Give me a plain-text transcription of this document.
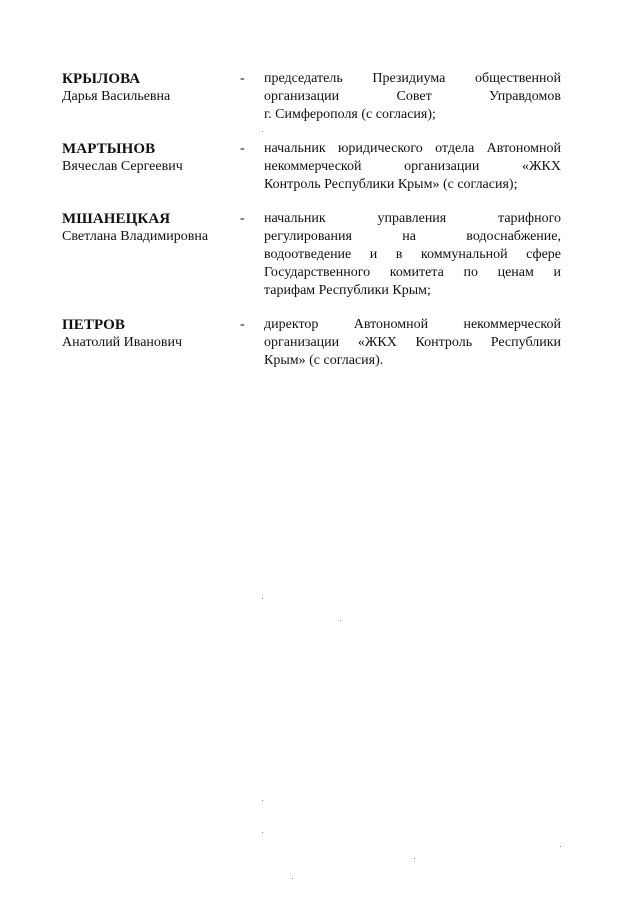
КРЫЛОВА
Дарья Васильевна
- председатель Президиума общественной
организации Совет Управдомов
г. Симферополя (с согласия);
МАРТЫНОВ
Вячеслав Сергеевич
- начальник юридического отдела Автономной
некоммерческой организации «ЖКХ
Контроль Республики Крым» (с согласия);
МШАНЕЦКАЯ
Светлана Владимировна
- начальник управления тарифного
регулирования на водоснабжение,
водоотведение и в коммунальной сфере
Государственного комитета по ценам и
тарифам Республики Крым;
ПЕТРОВ
Анатолий Иванович
- директор Автономной некоммерческой
организации «ЖКХ Контроль Республики
Крым» (с согласия).
